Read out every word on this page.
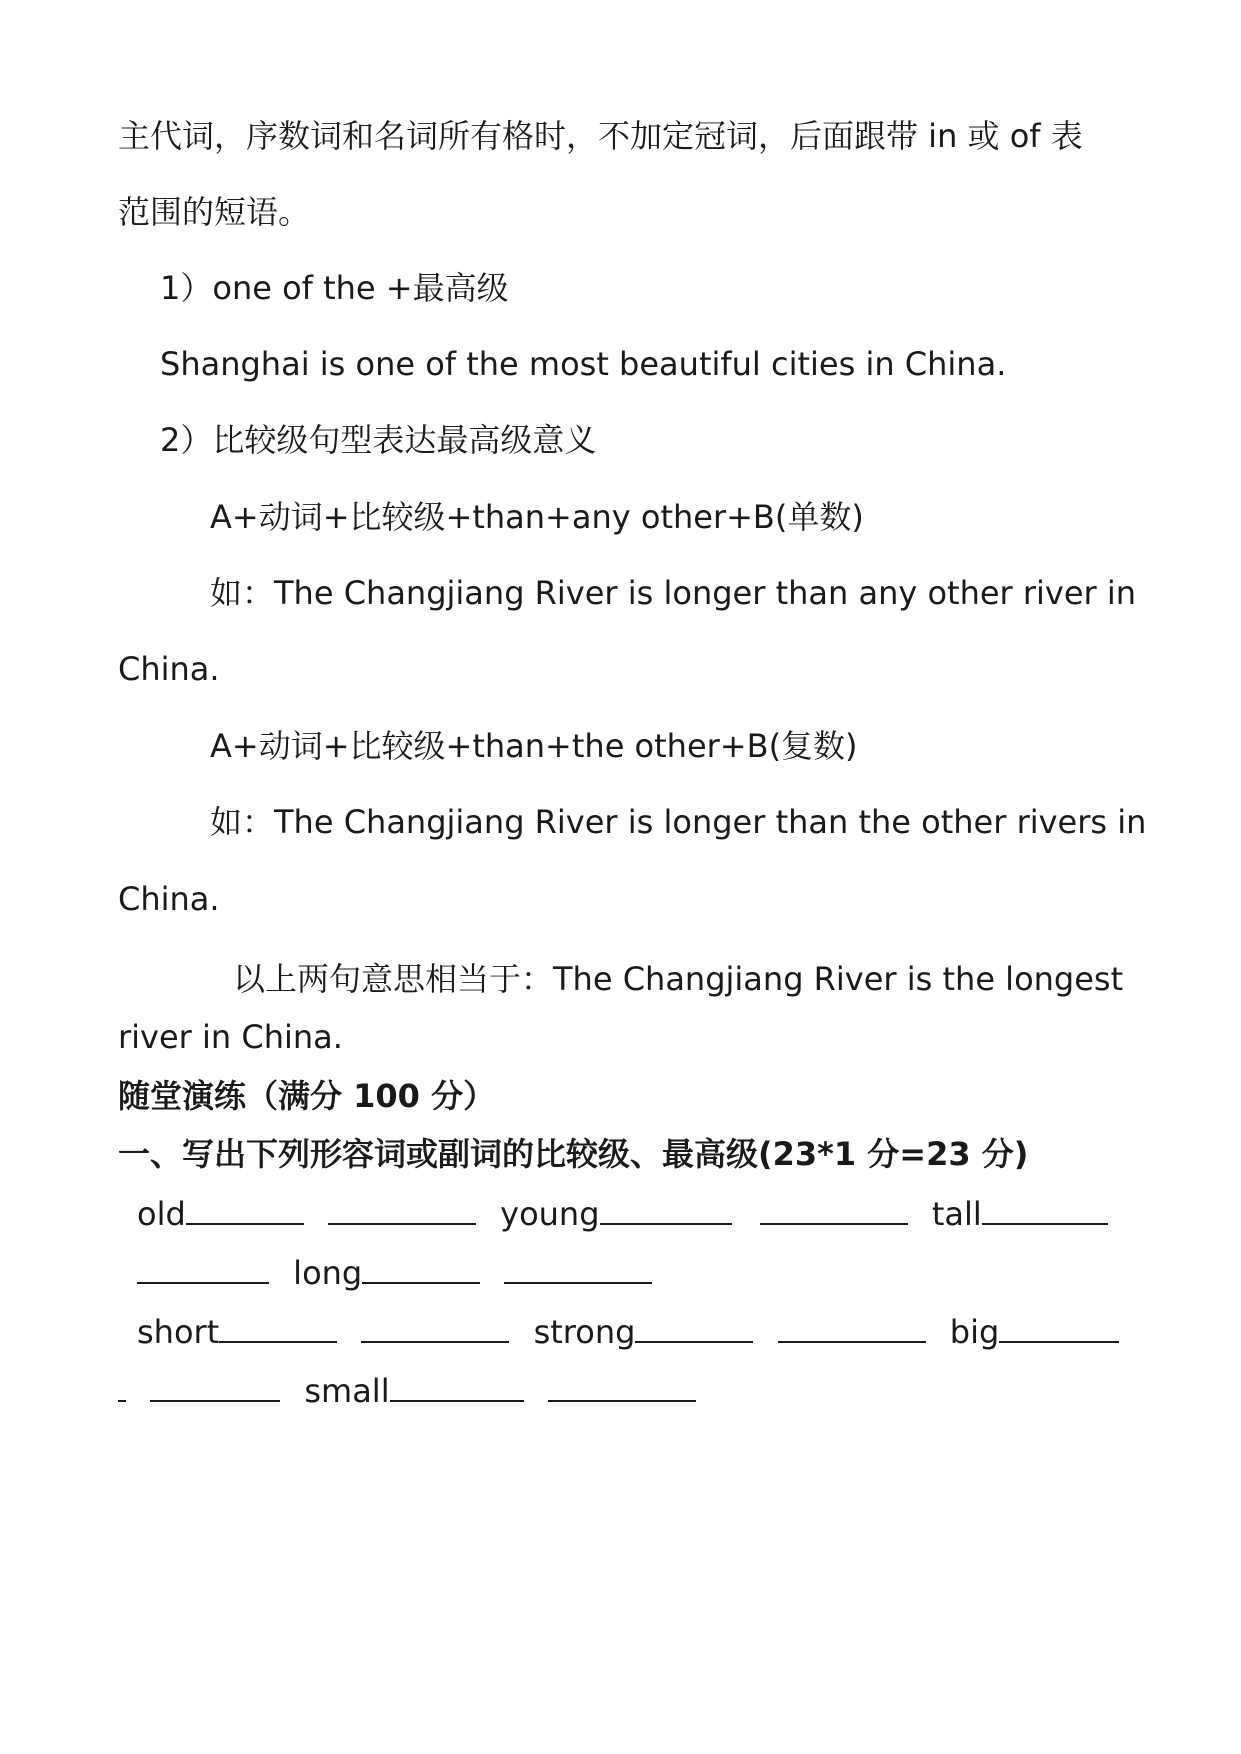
主代词，序数词和名词所有格时，不加定冠词，后面跟带 in 或 of 表
范围的短语。
1）one of the +最高级
Shanghai is one of the most beautiful cities in China.
2）比较级句型表达最高级意义
A+动词+比较级+than+any other+B(单数)
如：The Changjiang River is longer than any other river in
China.
A+动词+比较级+than+the other+B(复数)
如：The Changjiang River is longer than the other rivers in
China.
以上两句意思相当于：The Changjiang River is the longest
river in China.
随堂演练（满分 100 分）
一、写出下列形容词或副词的比较级、最高级(23*1 分=23 分)
old	young	tall
long
short	strong	big
small
